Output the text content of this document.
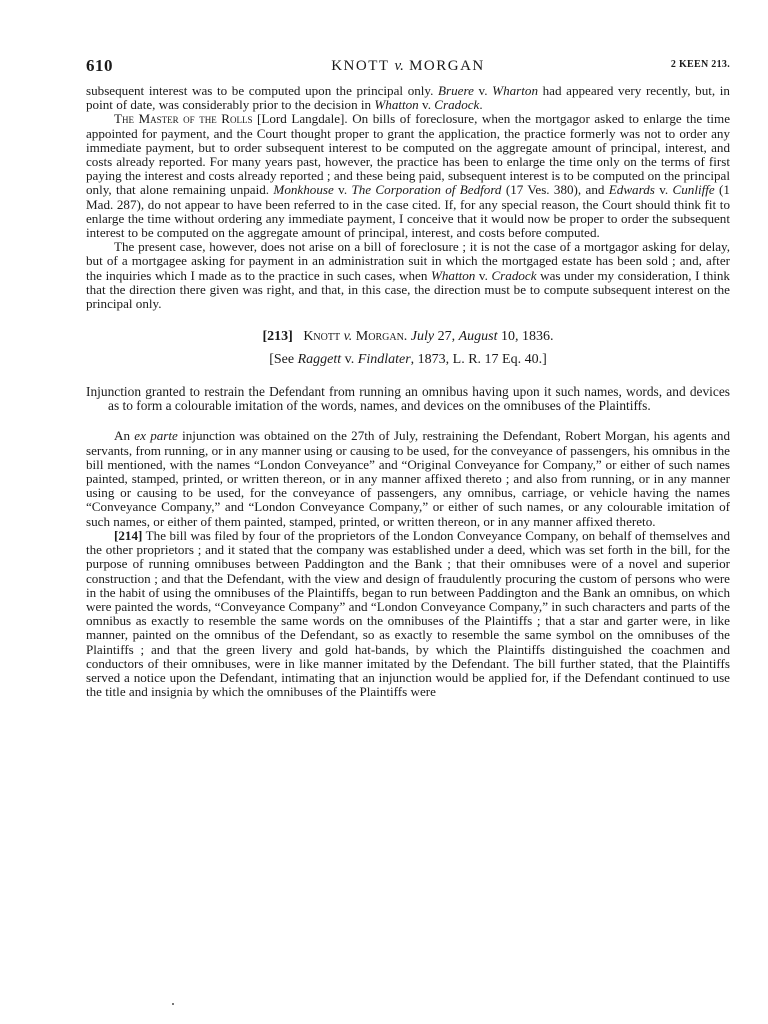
610	KNOTT v. MORGAN	2 KEEN 213.

subsequent interest was to be computed upon the principal only. Bruere v. Wharton had appeared very recently, but, in point of date, was considerably prior to the decision in Whatton v. Cradock.

The Master of the Rolls [Lord Langdale]. On bills of foreclosure, when the mortgagor asked to enlarge the time appointed for payment, and the Court thought proper to grant the application, the practice formerly was not to order any immediate payment, but to order subsequent interest to be computed on the aggregate amount of principal, interest, and costs already reported. For many years past, however, the practice has been to enlarge the time only on the terms of first paying the interest and costs already reported ; and these being paid, subsequent interest is to be computed on the principal only, that alone remaining unpaid. Monkhouse v. The Corporation of Bedford (17 Ves. 380), and Edwards v. Cunliffe (1 Mad. 287), do not appear to have been referred to in the case cited. If, for any special reason, the Court should think fit to enlarge the time without ordering any immediate payment, I conceive that it would now be proper to order the subsequent interest to be computed on the aggregate amount of principal, interest, and costs before computed.

The present case, however, does not arise on a bill of foreclosure ; it is not the case of a mortgagor asking for delay, but of a mortgagee asking for payment in an administration suit in which the mortgaged estate has been sold ; and, after the inquiries which I made as to the practice in such cases, when Whatton v. Cradock was under my consideration, I think that the direction there given was right, and that, in this case, the direction must be to compute subsequent interest on the principal only.

[213] Knott v. Morgan. July 27, August 10, 1836.

[See Raggett v. Findlater, 1873, L. R. 17 Eq. 40.]

Injunction granted to restrain the Defendant from running an omnibus having upon it such names, words, and devices as to form a colourable imitation of the words, names, and devices on the omnibuses of the Plaintiffs.

An ex parte injunction was obtained on the 27th of July, restraining the Defendant, Robert Morgan, his agents and servants, from running, or in any manner using or causing to be used, for the conveyance of passengers, his omnibus in the bill mentioned, with the names “London Conveyance” and “Original Conveyance for Company,” or either of such names painted, stamped, printed, or written thereon, or in any manner affixed thereto ; and also from running, or in any manner using or causing to be used, for the conveyance of passengers, any omnibus, carriage, or vehicle having the names “Conveyance Company,” and “London Conveyance Company,” or either of such names, or any colourable imitation of such names, or either of them painted, stamped, printed, or written thereon, or in any manner affixed thereto.

[214] The bill was filed by four of the proprietors of the London Conveyance Company, on behalf of themselves and the other proprietors ; and it stated that the company was established under a deed, which was set forth in the bill, for the purpose of running omnibuses between Paddington and the Bank ; that their omnibuses were of a novel and superior construction ; and that the Defendant, with the view and design of fraudulently procuring the custom of persons who were in the habit of using the omnibuses of the Plaintiffs, began to run between Paddington and the Bank an omnibus, on which were painted the words, “Conveyance Company” and “London Conveyance Company,” in such characters and parts of the omnibus as exactly to resemble the same words on the omnibuses of the Plaintiffs ; that a star and garter were, in like manner, painted on the omnibus of the Defendant, so as exactly to resemble the same symbol on the omnibuses of the Plaintiffs ; and that the green livery and gold hat-bands, by which the Plaintiffs distinguished the coachmen and conductors of their omnibuses, were in like manner imitated by the Defendant. The bill further stated, that the Plaintiffs served a notice upon the Defendant, intimating that an injunction would be applied for, if the Defendant continued to use the title and insignia by which the omnibuses of the Plaintiffs were
